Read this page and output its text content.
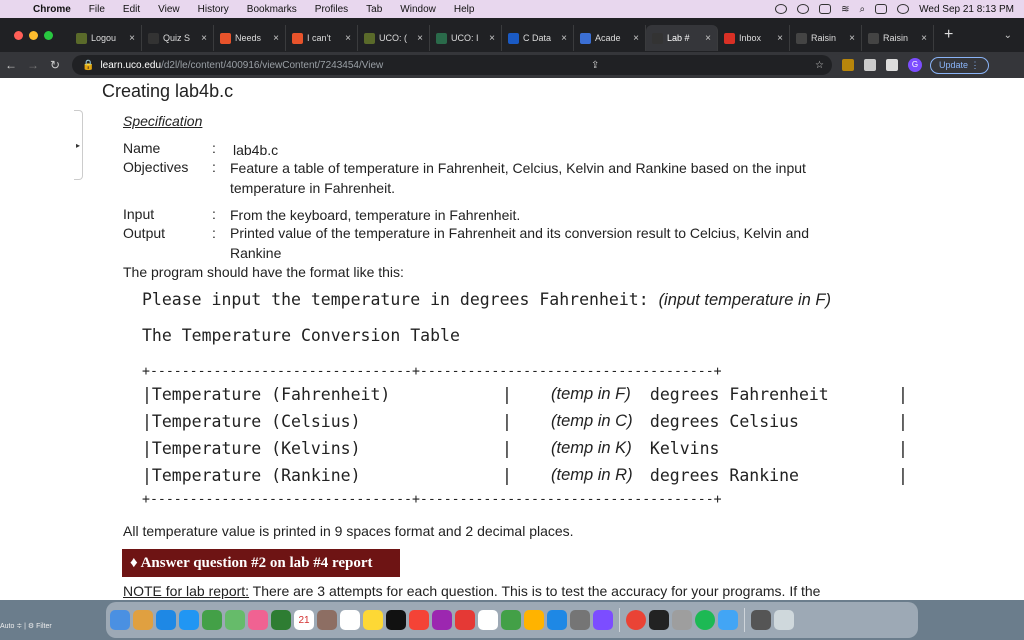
Chrome	File	Edit	View	History	Bookmarks	Profiles	Tab	Window	Help	≋ ⌕	Wed Sep 21 8:13 PM
Logou	×	Quiz S	×	Needs	×	I can't	×	UCO: (	×	UCO: I	×	C Data	×	Acade	×	Lab #	×	Inbox	×	Raisin	×	Raisin	×	+	⌄
← → ↻	🔒 learn.uco.edu/d2l/le/content/400916/viewContent/7243454/View	⇪	☆	G	Update ⋮
▸
Creating lab4b.c
Specification
Name	: lab4b.c
Objectives	: Feature a table of temperature in Fahrenheit, Celcius, Kelvin and Rankine based on the input temperature in Fahrenheit.
Input	: From the keyboard, temperature in Fahrenheit.
Output	: Printed value of the temperature in Fahrenheit and its conversion result to Celcius, Kelvin and Rankine
The program should have the format like this:
Please input the temperature in degrees Fahrenheit: (input temperature in F)
The Temperature Conversion Table
+---------------------------------+-------------------------------------+
|Temperature (Fahrenheit)	| (temp in F) degrees Fahrenheit	|
|Temperature (Celsius)	| (temp in C) degrees Celsius	|
|Temperature (Kelvins)	| (temp in K) Kelvins	|
|Temperature (Rankine)	| (temp in R) degrees Rankine	|
+---------------------------------+-------------------------------------+
All temperature value is printed in 9 spaces format and 2 decimal places.
♦ Answer question #2 on lab #4 report
NOTE for lab report: There are 3 attempts for each question. This is to test the accuracy for your programs. If the
Auto ≑ | ⚙ Filter
21
